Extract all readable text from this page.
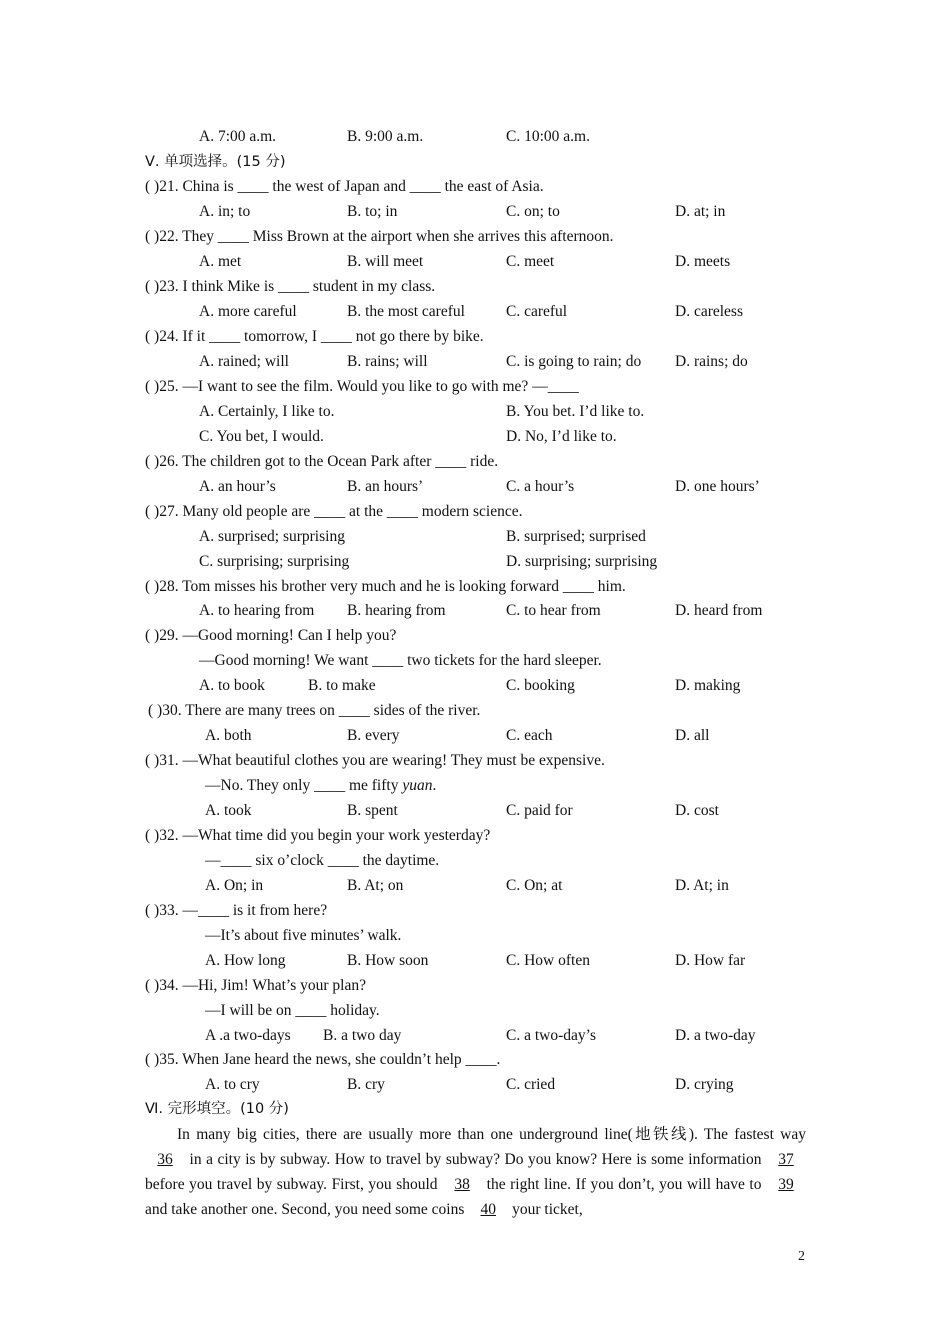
A. 7:00 a.m.	B. 9:00 a.m.	C. 10:00 a.m.
Ⅴ. 单项选择。(15 分)
( )21. China is ____ the west of Japan and ____ the east of Asia.
A. in; to	B. to; in	C. on; to	D. at; in
( )22. They ____ Miss Brown at the airport when she arrives this afternoon.
A. met	B. will meet	C. meet	D. meets
( )23. I think Mike is ____ student in my class.
A. more careful	B. the most careful	C. careful	D. careless
( )24. If it ____ tomorrow, I ____ not go there by bike.
A. rained; will	B. rains; will	C. is going to rain; do D. rains; do
( )25. —I want to see the film. Would you like to go with me? —____
A. Certainly, I like to.	B. You bet. I’d like to.
C. You bet, I would.	D. No, I’d like to.
( )26. The children got to the Ocean Park after ____ ride.
A. an hour’s	B. an hours’	C. a hour’s	D. one hours’
( )27. Many old people are ____ at the ____ modern science.
A. surprised; surprising	B. surprised; surprised
C. surprising; surprising	D. surprising; surprising
( )28. Tom misses his brother very much and he is looking forward ____ him.
A. to hearing from B. hearing from	C. to hear from	D. heard from
( )29. —Good morning! Can I help you?
—Good morning! We want ____ two tickets for the hard sleeper.
A. to book	B. to make	C. booking	D. making
( )30. There are many trees on ____ sides of the river.
A. both	B. every	C. each	D. all
( )31. —What beautiful clothes you are wearing! They must be expensive.
—No. They only ____ me fifty yuan.
A. took	B. spent	C. paid for	D. cost
( )32. —What time did you begin your work yesterday?
—____ six o’clock ____ the daytime.
A. On; in	B. At; on	C. On; at	D. At; in
( )33. —____ is it from here?
—It’s about five minutes’ walk.
A. How long	B. How soon	C. How often	D. How far
( )34. —Hi, Jim! What’s your plan?
—I will be on ____ holiday.
A .a two-days B. a two day	C. a two-day’s	D. a two-day
( )35. When Jane heard the news, she couldn’t help ____.
A. to cry	B. cry	C. cried	D. crying
Ⅵ. 完形填空。(10 分)
In many big cities, there are usually more than one underground line(地铁线). The fastest way 36 in a city is by subway. How to travel by subway? Do you know? Here is some information 37 before you travel by subway. First, you should 38 the right line. If you don’t, you will have to 39 and take another one. Second, you need some coins 40 your ticket,
2
